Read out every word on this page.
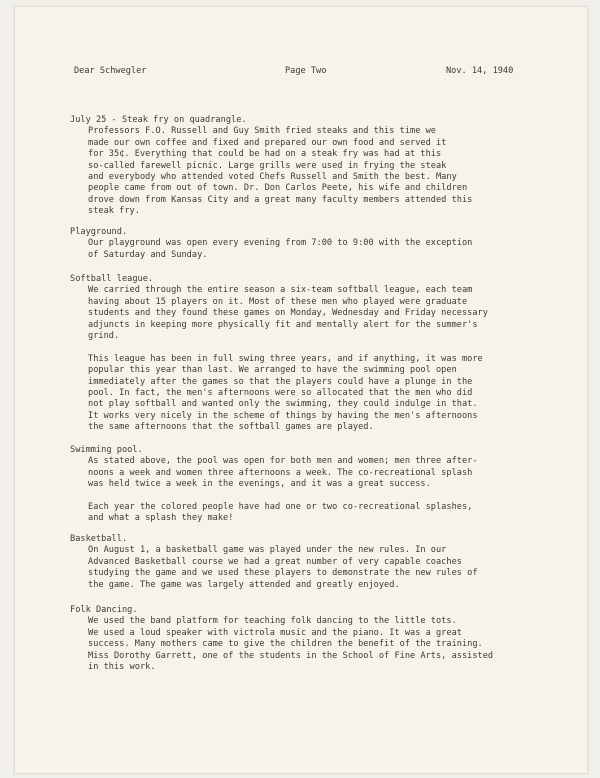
Dear Schwegler	Page Two	Nov. 14, 1940
July 25 - Steak fry on quadrangle.
Professors F.O. Russell and Guy Smith fried steaks and this time we
made our own coffee and fixed and prepared our own food and served it
for 35¢. Everything that could be had on a steak fry was had at this
so-called farewell picnic. Large grills were used in frying the steak
and everybody who attended voted Chefs Russell and Smith the best. Many
people came from out of town. Dr. Don Carlos Peete, his wife and children
drove down from Kansas City and a great many faculty members attended this
steak fry.
Playground.
Our playground was open every evening from 7:00 to 9:00 with the exception
of Saturday and Sunday.
Softball league.
We carried through the entire season a six-team softball league, each team
having about 15 players on it. Most of these men who played were graduate
students and they found these games on Monday, Wednesday and Friday necessary
adjuncts in keeping more physically fit and mentally alert for the summer's
grind.
This league has been in full swing three years, and if anything, it was more
popular this year than last. We arranged to have the swimming pool open
immediately after the games so that the players could have a plunge in the
pool. In fact, the men's afternoons were so allocated that the men who did
not play softball and wanted only the swimming, they could indulge in that.
It works very nicely in the scheme of things by having the men's afternoons
the same afternoons that the softball games are played.
Swimming pool.
As stated above, the pool was open for both men and women; men three after-
noons a week and women three afternoons a week. The co-recreational splash
was held twice a week in the evenings, and it was a great success.
Each year the colored people have had one or two co-recreational splashes,
and what a splash they make!
Basketball.
On August 1, a basketball game was played under the new rules. In our
Advanced Basketball course we had a great number of very capable coaches
studying the game and we used these players to demonstrate the new rules of
the game. The game was largely attended and greatly enjoyed.
Folk Dancing.
We used the band platform for teaching folk dancing to the little tots.
We used a loud speaker with victrola music and the piano. It was a great
success. Many mothers came to give the children the benefit of the training.
Miss Dorothy Garrett, one of the students in the School of Fine Arts, assisted
in this work.
